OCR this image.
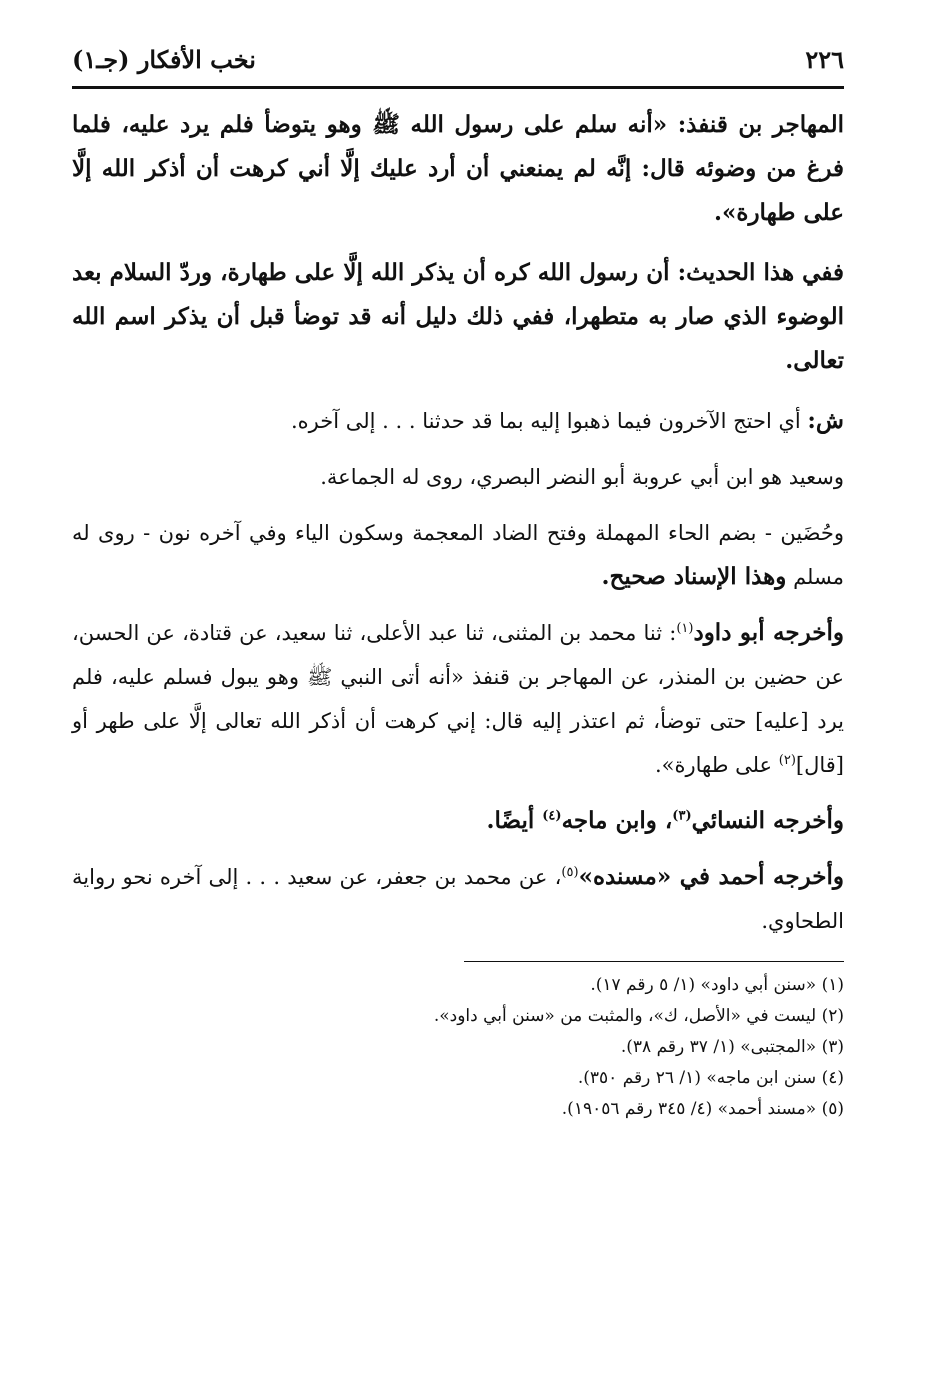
٢٢٦
نخب الأفكار (جـ١)

المهاجر بن قنفذ: «أنه سلم على رسول الله ﷺ وهو يتوضأ فلم يرد عليه، فلما فرغ من وضوئه قال: إنَّه لم يمنعني أن أرد عليك إلَّا أني كرهت أن أذكر الله إلَّا على طهارة».

ففي هذا الحديث: أن رسول الله كره أن يذكر الله إلَّا على طهارة، وردّ السلام بعد الوضوء الذي صار به متطهرا، ففي ذلك دليل أنه قد توضأ قبل أن يذكر اسم الله تعالى.

ش: أي احتج الآخرون فيما ذهبوا إليه بما قد حدثنا . . . إلى آخره.

وسعيد هو ابن أبي عروبة أبو النضر البصري، روى له الجماعة.

وحُضَين - بضم الحاء المهملة وفتح الضاد المعجمة وسكون الياء وفي آخره نون - روى له مسلم وهذا الإسناد صحيح.

وأخرجه أبو داود$^{(١)}$: ثنا محمد بن المثنى، ثنا عبد الأعلى، ثنا سعيد، عن قتادة، عن الحسن، عن حضين بن المنذر، عن المهاجر بن قنفذ «أنه أتى النبي ﷺ وهو يبول فسلم عليه، فلم يرد [عليه] حتى توضأ، ثم اعتذر إليه قال: إني كرهت أن أذكر الله تعالى إلَّا على طهر أو [قال]$^{(٢)}$ على طهارة».

وأخرجه النسائي$^{(٣)}$، وابن ماجه$^{(٤)}$ أيضًا.

وأخرجه أحمد في «مسنده»$^{(٥)}$، عن محمد بن جعفر، عن سعيد . . . إلى آخره نحو رواية الطحاوي.

(١) «سنن أبي داود» (١/ ٥ رقم ١٧).
(٢) ليست في «الأصل، ك»، والمثبت من «سنن أبي داود».
(٣) «المجتبى» (١/ ٣٧ رقم ٣٨).
(٤) سنن ابن ماجه» (١/ ٢٦ رقم ٣٥٠).
(٥) «مسند أحمد» (٤/ ٣٤٥ رقم ١٩٠٥٦).
